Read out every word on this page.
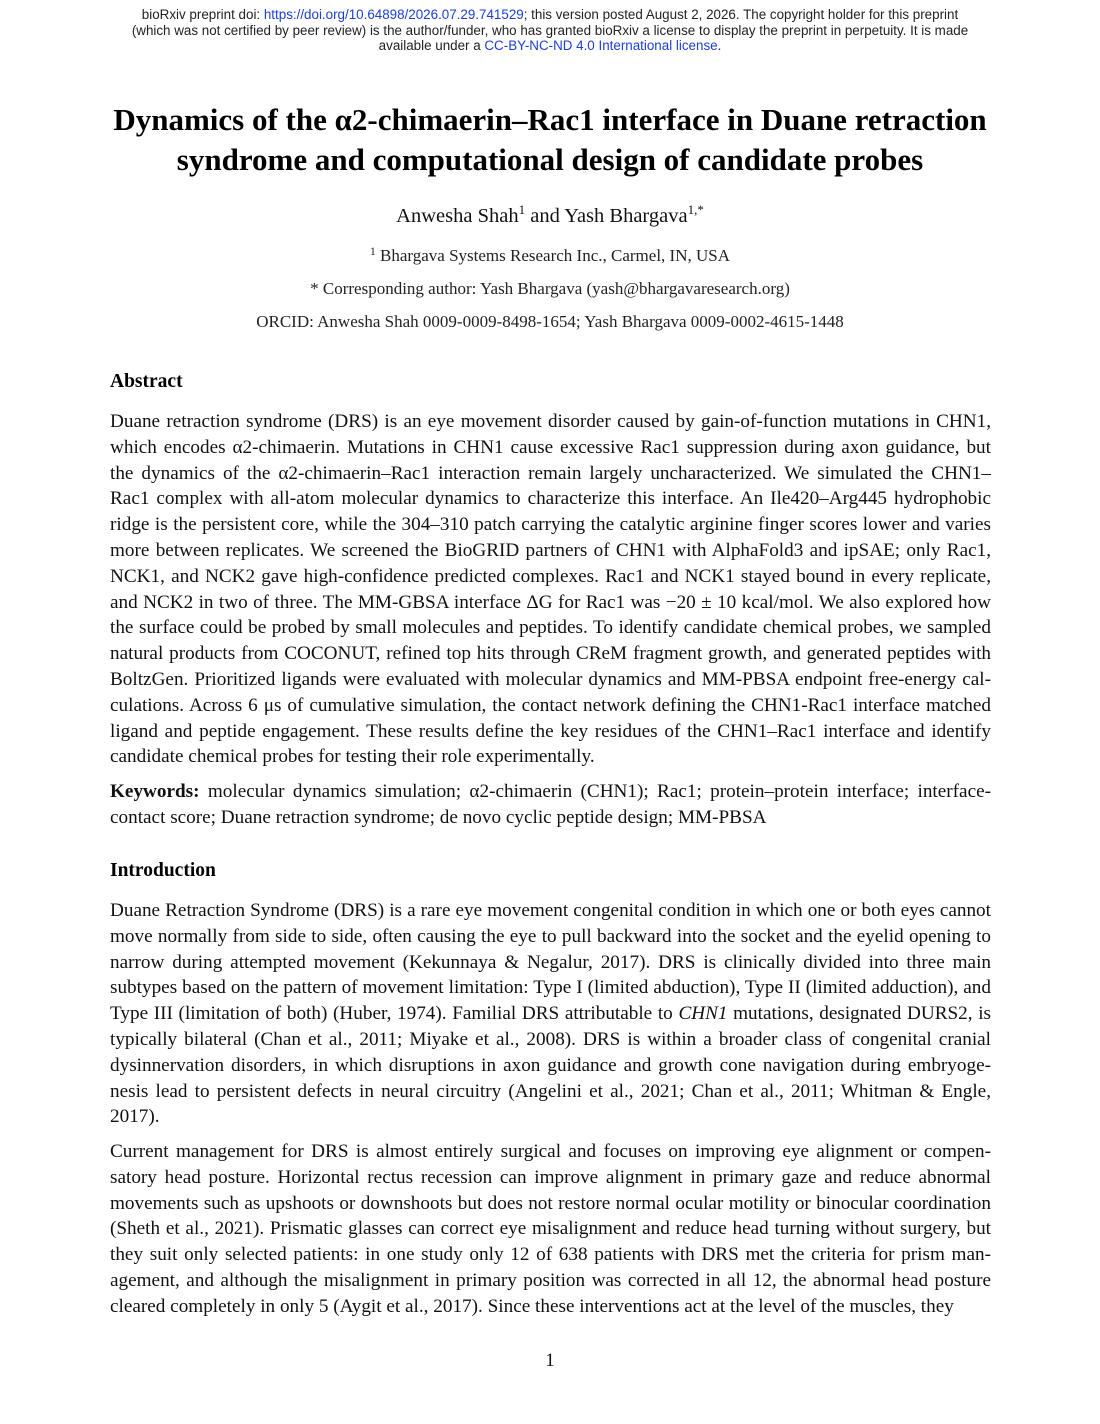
bioRxiv preprint doi: https://doi.org/10.64898/2026.07.29.741529; this version posted August 2, 2026. The copyright holder for this preprint
(which was not certified by peer review) is the author/funder, who has granted bioRxiv a license to display the preprint in perpetuity. It is made
available under a CC-BY-NC-ND 4.0 International license.
Dynamics of the α2-chimaerin–Rac1 interface in Duane retraction
syndrome and computational design of candidate probes
Anwesha Shah$^1$ and Yash Bhargava$^{1,*}$
$^1$ Bhargava Systems Research Inc., Carmel, IN, USA
* Corresponding author: Yash Bhargava (yash@bhargavaresearch.org)
ORCID: Anwesha Shah 0009-0009-8498-1654; Yash Bhargava 0009-0002-4615-1448
Abstract

Duane retraction syndrome (DRS) is an eye movement disorder caused by gain-of-function mutations in CHN1, which encodes α2-chimaerin. Mutations in CHN1 cause excessive Rac1 suppression during axon guidance, but the dynamics of the α2-chimaerin–Rac1 interaction remain largely uncharacterized. We simulated the CHN1–Rac1 complex with all-atom molecular dynamics to characterize this interface. An Ile420–Arg445 hydrophobic ridge is the persistent core, while the 304–310 patch carrying the catalytic arginine finger scores lower and varies more between replicates. We screened the BioGRID partners of CHN1 with AlphaFold3 and ipSAE; only Rac1, NCK1, and NCK2 gave high-confidence predicted complexes. Rac1 and NCK1 stayed bound in every replicate, and NCK2 in two of three. The MM-GBSA interface ΔG for Rac1 was −20 ± 10 kcal/mol. We also explored how the surface could be probed by small molecules and peptides. To identify candidate chemical probes, we sampled natural products from COCONUT, refined top hits through CReM fragment growth, and generated peptides with BoltzGen. Prioritized ligands were evaluated with molecular dynamics and MM-PBSA endpoint free-energy calculations. Across 6 μs of cumulative simulation, the contact network defining the CHN1-Rac1 interface matched ligand and peptide engagement. These results define the key residues of the CHN1–Rac1 interface and identify candidate chemical probes for testing their role experimentally.

Keywords: molecular dynamics simulation; α2-chimaerin (CHN1); Rac1; protein–protein interface; interfacecontact score; Duane retraction syndrome; de novo cyclic peptide design; MM-PBSA

Introduction

Duane Retraction Syndrome (DRS) is a rare eye movement congenital condition in which one or both eyes cannot move normally from side to side, often causing the eye to pull backward into the socket and the eyelid opening to narrow during attempted movement (Kekunnaya & Negalur, 2017). DRS is clinically divided into three main subtypes based on the pattern of movement limitation: Type I (limited abduction), Type II (limited adduction), and Type III (limitation of both) (Huber, 1974). Familial DRS attributable to CHN1 mutations, designated DURS2, is typically bilateral (Chan et al., 2011; Miyake et al., 2008). DRS is within a broader class of congenital cranial dysinnervation disorders, in which disruptions in axon guidance and growth cone navigation during embryogenesis lead to persistent defects in neural circuitry (Angelini et al., 2021; Chan et al., 2011; Whitman & Engle, 2017).

Current management for DRS is almost entirely surgical and focuses on improving eye alignment or compensatory head posture. Horizontal rectus recession can improve alignment in primary gaze and reduce abnormal movements such as upshoots or downshoots but does not restore normal ocular motility or binocular coordination (Sheth et al., 2021). Prismatic glasses can correct eye misalignment and reduce head turning without surgery, but they suit only selected patients: in one study only 12 of 638 patients with DRS met the criteria for prism management, and although the misalignment in primary position was corrected in all 12, the abnormal head posture cleared completely in only 5 (Aygit et al., 2017). Since these interventions act at the level of the muscles, they

1
